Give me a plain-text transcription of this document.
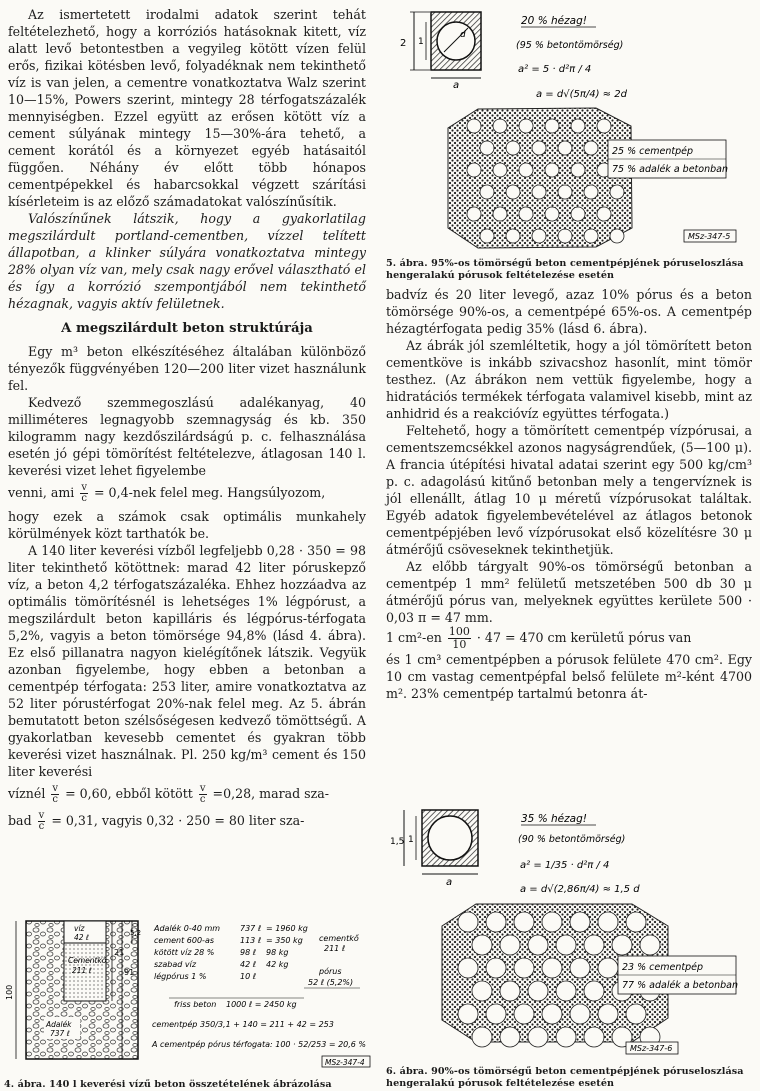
Az ismertetett irodalmi adatok szerint tehát feltételezhető, hogy a korróziós hatásoknak kitett, víz alatt levő betontestben a vegyileg kötött vízen felül erős, fizikai kötésben levő, folyadéknak nem tekinthető víz is van jelen, a cementre vonatkoztatva Walz szerint 10—15%, Powers szerint, mintegy 28 térfogatszázalék mennyiségben. Ezzel együtt az erősen kötött víz a cement súlyának mintegy 15—30%-ára tehető, a cement korától és a környezet egyéb hatásaitól függően. Néhány év előtt több hónapos cementpépekkel és habarcsokkal végzett szárítási kísérleteim is az előző számadatokat valószínűsítik.

Valószínűnek látszik, hogy a gyakorlatilag megszilárdult portland-cementben, vízzel telített állapotban, a klinker súlyára vonatkoztatva mintegy 28% olyan víz van, mely csak nagy erővel választható el és így a korrózió szempontjából nem tekinthető hézagnak, vagyis aktív felületnek.

A megszilárdult beton struktúrája

Egy m³ beton elkészítéséhez általában különböző tényezők függvényében 120—200 liter vizet használunk fel.

Kedvező szemmegoszlású adalékanyag, 40 milliméteres legnagyobb szemnagyság és kb. 350 kilogramm nagy kezdőszilárdságú p. c. felhasználása esetén jó gépi tömörítést feltételezve, átlagosan 140 l. keverési vizet lehet figyelembe

venni, ami $\frac{v}{c} = 0,4-nek$ felel meg. Hangsúlyozom,

hogy ezek a számok csak optimális munkahely körülmények közt tarthatók be.

A 140 liter keverési vízből legfeljebb 0,28 · 350 = 98 liter tekinthető kötöttnek: marad 42 liter póruskepző víz, a beton 4,2 térfogatszázaléka. Ehhez hozzáadva az optimális tömörítésnél is lehetséges 1% légpórust, a megszilárdult beton kapilláris és légpórus-térfogata 5,2%, vagyis a beton tömörsége 94,8% (lásd 4. ábra). Ez első pillanatra nagyon kielégítőnek látszik. Vegyük azonban figyelembe, hogy ebben a betonban a cementpép térfogata: 253 liter, amire vonatkoztatva az 52 liter pórustérfogat 20%-nak felel meg. Az 5. ábrán bemutatott beton szélsőségesen kedvező tömöttségű. A gyakorlatban kevesebb cementet és gyakran több keverési vizet használnak. Pl. 250 kg/m³ cement és 150 liter keverési

víznél $\frac{v}{c} = 0,60$, ebből kötött $\frac{v}{c} =0,28$, marad sza-

bad $\frac{v}{c} = 0,31$, vagyis 0,32 · 250 = 80 liter sza-

d
2 1
a
20 % hézag!
(95 % betontömörség)
a² = 5 · d²π / 4
a = d√(5π/4) ≈ 2d
25 % cementpép
75 % adalék a betonban
MSz-347-5
5. ábra. 95%-os tömörségű beton cementpépjének póruseloszlása
hengeralakú pórusok feltételezése esetén

badvíz és 20 liter levegő, azaz 10% pórus és a beton tömörsége 90%-os, a cementpépé 65%-os. A cementpép hézagtérfogata pedig 35% (lásd 6. ábra).

Az ábrák jól szemléltetik, hogy a jól tömörített beton cementköve is inkább szivacshoz hasonlít, mint tömör testhez. (Az ábrákon nem vettük figyelembe, hogy a hidratációs termékek térfogata valamivel kisebb, mint az anhidrid és a reakcióvíz együttes térfogata.)

Feltehető, hogy a tömörített cementpép vízpórusai, a cementszemcsékkel azonos nagyságrendűek, (5—100 μ). A francia útépítési hivatal adatai szerint egy 500 kg/cm³ p. c. adagolású kitűnő betonban mely a tengervíznek is jól ellenállt, átlag 10 μ méretű vízpórusokat találtak. Egyéb adatok figyelembevételével az átlagos betonok cementpépjében levő vízpórusokat első közelítésre 30 μ átmérőjű csöveseknek tekinthetjük.

Az előbb tárgyalt 90%-os tömörségű betonban a cementpép 1 mm² felületű metszetében 500 db 30 μ átmérőjű pórus van, melyeknek együttes kerülete 500 · 0,03 π = 47 mm.

1 $cm^2-en \frac{100}{10} \cdot 47 = 470$ cm kerületű pórus van

és 1 cm³ cementpépben a pórusok felülete 470 cm². Egy 10 cm vastag cementpépfal belső felülete m²-ként 4700 m². 23% cementpép tartalmú betonra át-

1,5 1
a
35 % hézag!
(90 % betontömörség)
a² = 1/35 · d²π / 4
a = d√(2,86π/4) ≈ 1,5 d
23 % cementpép
77 % adalék a betonban
MSz-347-6
6. ábra. 90%-os tömörségű beton cementpépjének póruseloszlása
hengeralakú pórusok feltételezése esetén
víz
42 ℓ
Cementkő
211 ℓ
Adalék
737 ℓ
100
21
91
5,2 Adalék 0-40 mm 737 ℓ = 1960 kg
cement 600-as	113 ℓ = 350 kg
kötött víz 28 %	98 ℓ 98 kg
szabad víz	42 ℓ 42 kg
légpórus 1 %	10 ℓ
cementkő
211 ℓ
pórus
52 ℓ (5,2%)
friss beton 1000 ℓ = 2450 kg
cementpép 350/3,1 + 140 = 211 + 42 = 253
A cementpép pórus térfogata: 100 · 52/253 = 20,6 %
MSz-347-4
4. ábra. 140 l keverési vízű beton összetételének ábrázolása
